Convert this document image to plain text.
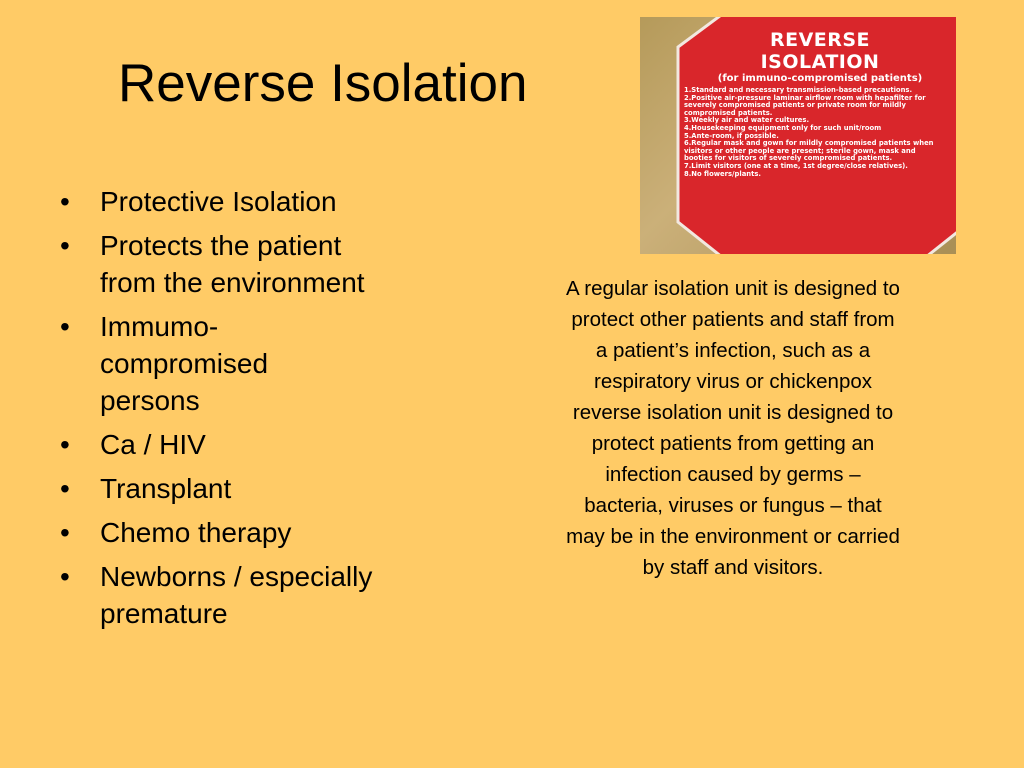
Reverse Isolation
• Protective Isolation
• Protects the patient from the environment
• Immumo-compromised persons
• Ca / HIV
• Transplant
• Chemo therapy
• Newborns / especially premature
REVERSE
ISOLATION
(for immuno-compromised patients)
1.Standard and necessary transmission-based precautions.
2.Positive air-pressure laminar airflow room with hepafilter for severely compromised patients or private room for mildly compromised patients.
3.Weekly air and water cultures.
4.Housekeeping equipment only for such unit/room
5.Ante-room, if possible.
6.Regular mask and gown for mildly compromised patients when visitors or other people are present; sterile gown, mask and booties for visitors of severely compromised patients.
7.Limit visitors (one at a time, 1st degree/close relatives).
8.No flowers/plants.

A regular isolation unit is designed to protect other patients and staff from a patient’s infection, such as a respiratory virus or chickenpox

reverse isolation unit is designed to protect patients from getting an infection caused by germs – bacteria, viruses or fungus – that may be in the environment or carried by staff and visitors.
